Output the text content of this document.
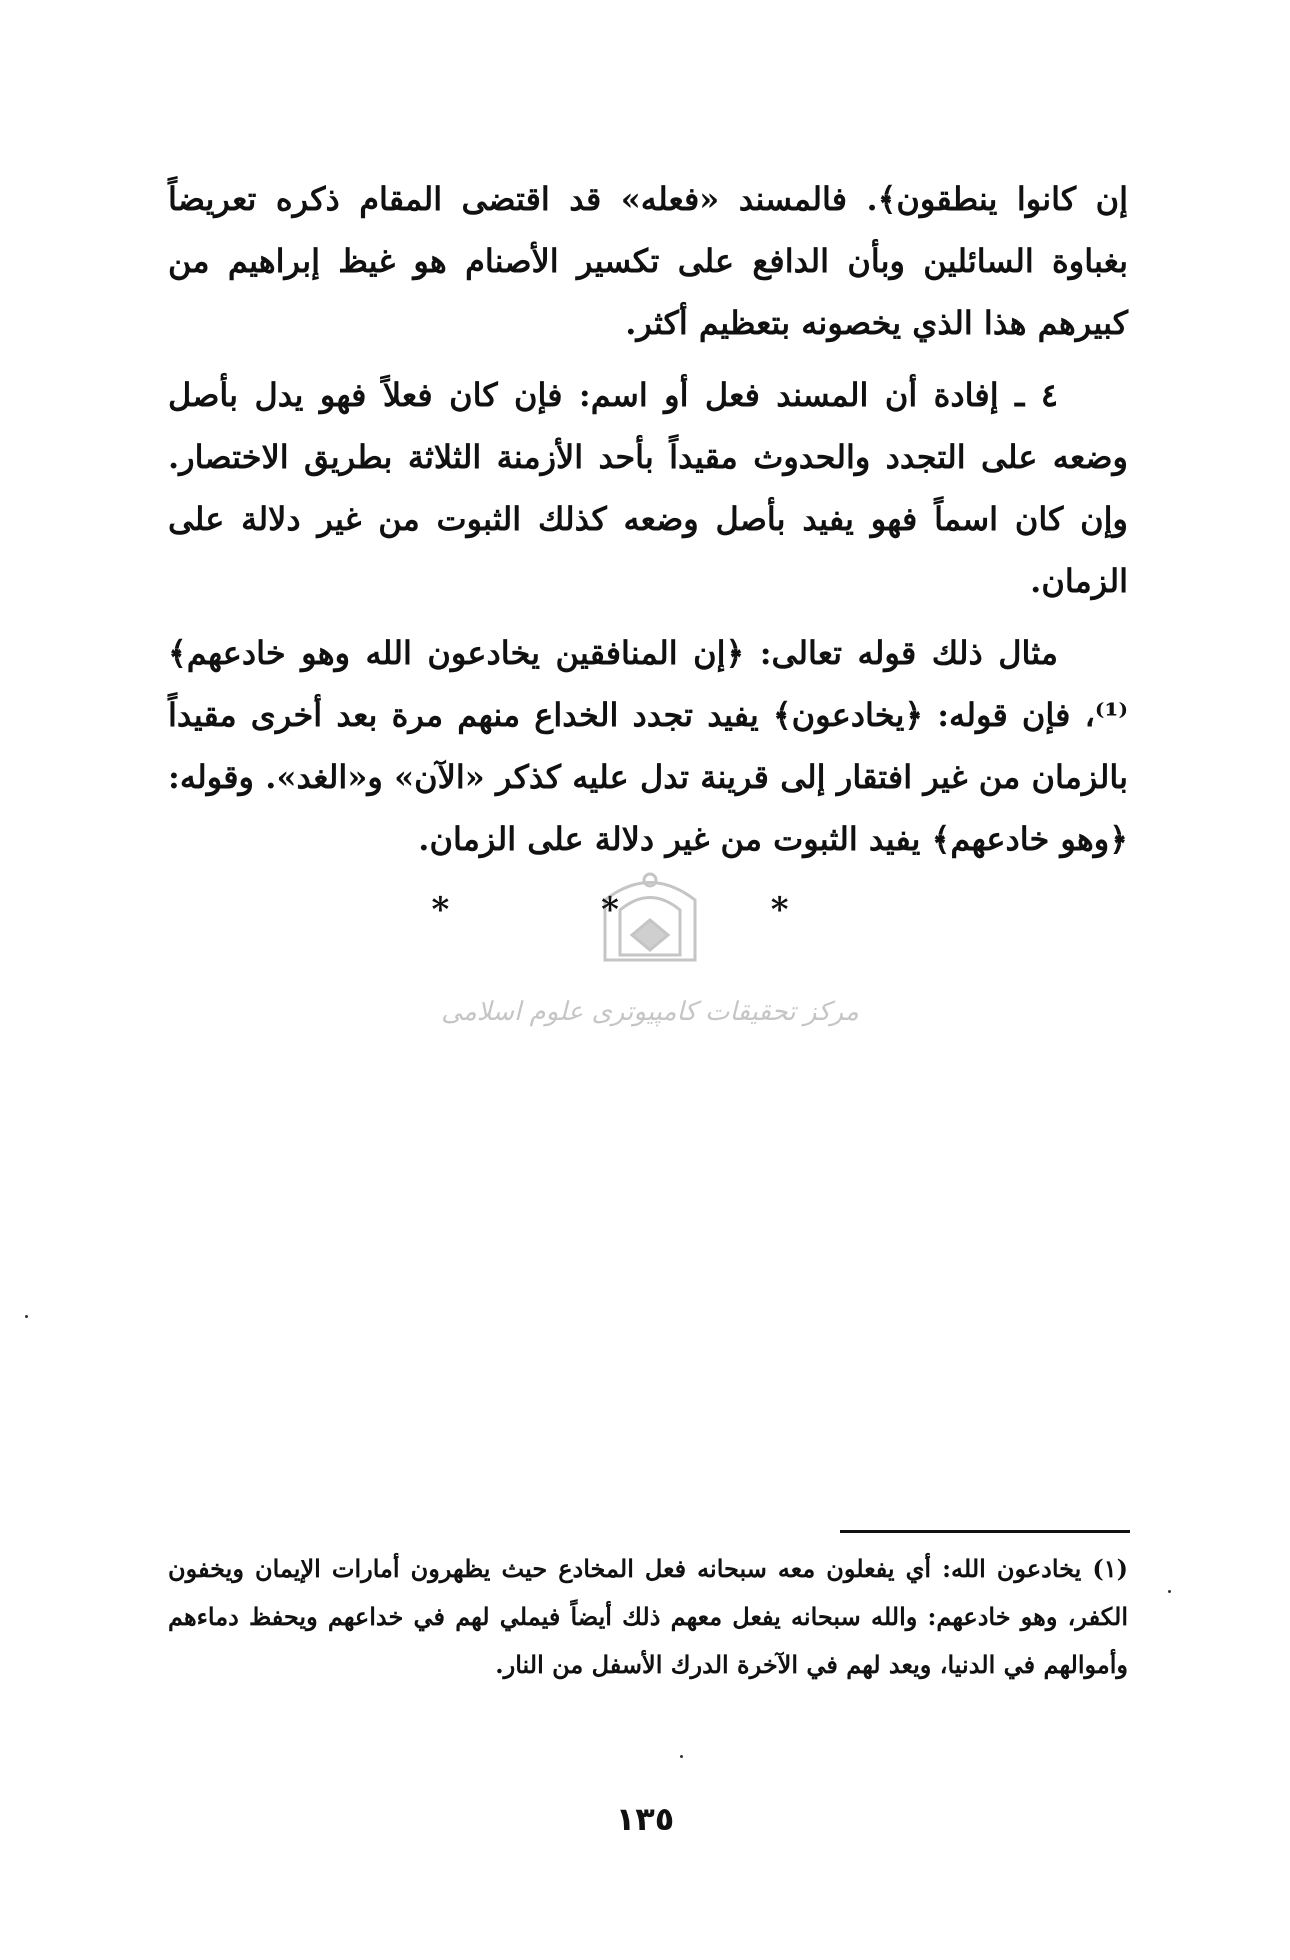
إن كانوا ينطقون﴾. فالمسند «فعله» قد اقتضى المقام ذكره تعريضاً بغباوة السائلين وبأن الدافع على تكسير الأصنام هو غيظ إبراهيم من كبيرهم هذا الذي يخصونه بتعظيم أكثر.

٤ ـ إفادة أن المسند فعل أو اسم: فإن كان فعلاً فهو يدل بأصل وضعه على التجدد والحدوث مقيداً بأحد الأزمنة الثلاثة بطريق الاختصار. وإن كان اسماً فهو يفيد بأصل وضعه كذلك الثبوت من غير دلالة على الزمان.

مثال ذلك قوله تعالى: ﴿إن المنافقين يخادعون الله وهو خادعهم﴾⁽¹⁾، فإن قوله: ﴿يخادعون﴾ يفيد تجدد الخداع منهم مرة بعد أخرى مقيداً بالزمان من غير افتقار إلى قرينة تدل عليه كذكر «الآن» و«الغد». وقوله: ﴿وهو خادعهم﴾ يفيد الثبوت من غير دلالة على الزمان.

* * *
مرکز تحقیقات کامپیوتری علوم اسلامی

(١) يخادعون الله: أي يفعلون معه سبحانه فعل المخادع حيث يظهرون أمارات الإيمان ويخفون الكفر، وهو خادعهم: والله سبحانه يفعل معهم ذلك أيضاً فيملي لهم في خداعهم ويحفظ دماءهم وأموالهم في الدنيا، ويعد لهم في الآخرة الدرك الأسفل من النار.

١٣٥
